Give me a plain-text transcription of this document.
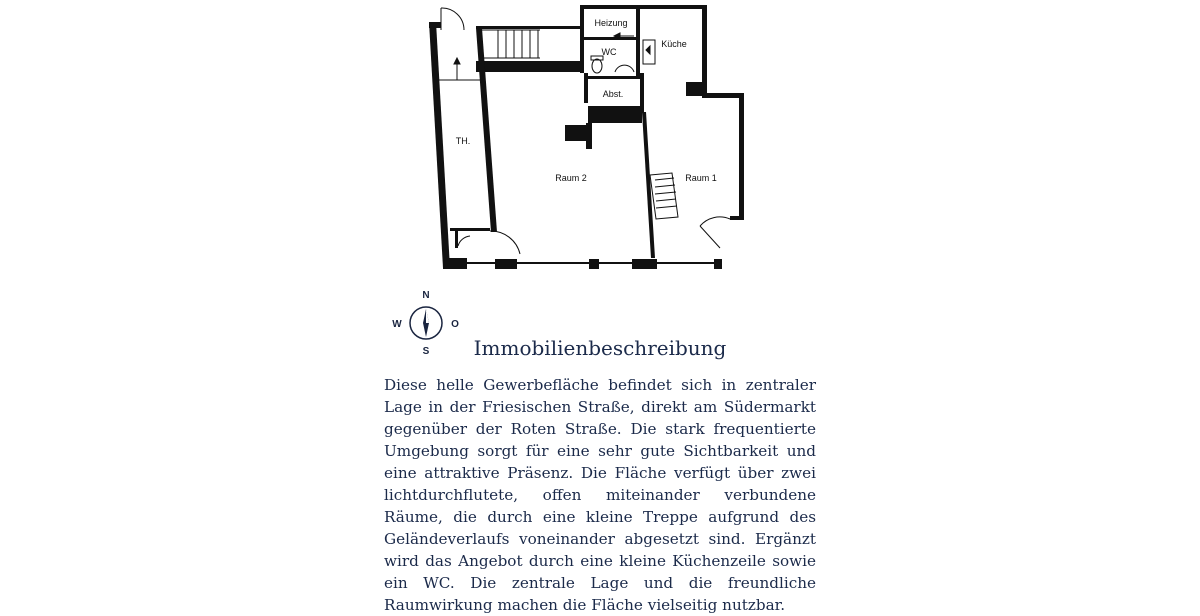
Heizung
WC
Küche
Abst.
TH.
Raum 2	Raum 1
N
S
W	O
Immobilienbeschreibung

Diese helle Gewerbefläche befindet sich in zentraler Lage in der Friesischen Straße, direkt am Südermarkt gegenüber der Roten Straße. Die stark frequentierte Umgebung sorgt für eine sehr gute Sichtbarkeit und eine attraktive Präsenz. Die Fläche verfügt über zwei lichtdurchflutete, offen miteinander verbundene Räume, die durch eine kleine Treppe aufgrund des Geländeverlaufs voneinander abgesetzt sind. Ergänzt wird das Angebot durch eine kleine Küchenzeile sowie ein WC. Die zentrale Lage und die freundliche Raumwirkung machen die Fläche vielseitig nutzbar.
